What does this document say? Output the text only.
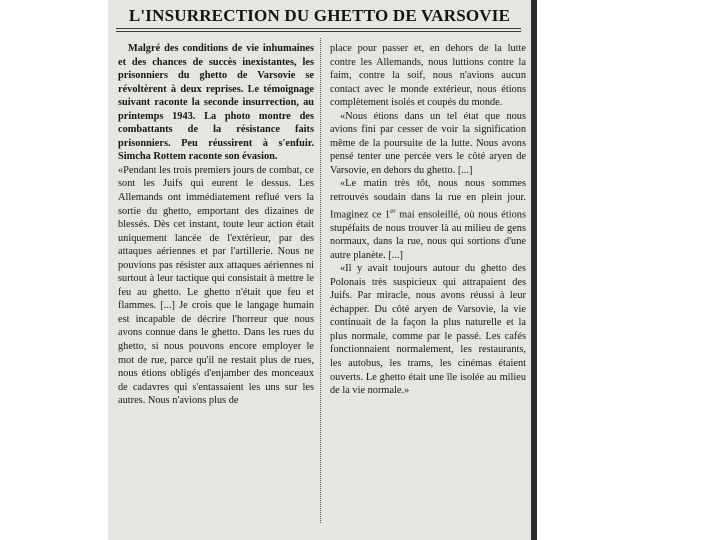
L'INSURRECTION DU GHETTO DE VARSOVIE

Malgré des conditions de vie inhumaines et des chances de succès inexistantes, les prisonniers du ghetto de Varsovie se révoltèrent à deux reprises. Le témoignage suivant raconte la seconde insurrection, au printemps 1943. La photo montre des combattants de la résistance faits prisonniers. Peu réussirent à s'enfuir. Simcha Rottem raconte son évasion.

«Pendant les trois premiers jours de combat, ce sont les Juifs qui eurent le dessus. Les Allemands ont immédiatement reflué vers la sortie du ghetto, emportant des dizaines de blessés. Dès cet instant, toute leur action était uniquement lancée de l'extérieur, par des attaques aériennes et par l'artillerie. Nous ne pouvions pas résister aux attaques aériennes ni surtout à leur tactique qui consistait à mettre le feu au ghetto. Le ghetto n'était que feu et flammes. [...] Je crois que le langage humain est incapable de décrire l'horreur que nous avons connue dans le ghetto. Dans les rues du ghetto, si nous pouvons encore employer le mot de rue, parce qu'il ne restait plus de rues, nous étions obligés d'enjamber des monceaux de cadavres qui s'entassaient les uns sur les autres. Nous n'avions plus de

place pour passer et, en dehors de la lutte contre les Allemands, nous luttions contre la faim, contre la soif, nous n'avions aucun contact avec le monde extérieur, nous étions complètement isolés et coupés du monde.

«Nous étions dans un tel état que nous avions fini par cesser de voir la signification même de la poursuite de la lutte. Nous avons pensé tenter une percée vers le côté aryen de Varsovie, en dehors du ghetto. [...]

«Le matin très tôt, nous nous sommes retrouvés soudain dans la rue en plein jour. Imaginez ce 1er mai ensoleillé, où nous étions stupéfaits de nous trouver là au milieu de gens normaux, dans la rue, nous qui sortions d'une autre planète. [...]

«Il y avait toujours autour du ghetto des Polonais très suspicieux qui attrapaient des Juifs. Par miracle, nous avons réussi à leur échapper. Du côté aryen de Varsovie, la vie continuait de la façon la plus naturelle et la plus normale, comme par le passé. Les cafés fonctionnaient normalement, les restaurants, les autobus, les trams, les cinémas étaient ouverts. Le ghetto était une île isolée au milieu de la vie normale.»
